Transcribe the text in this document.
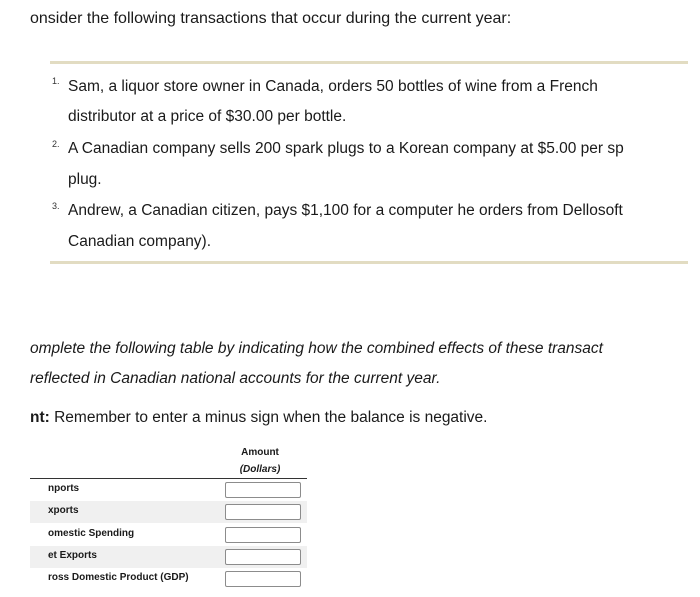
onsider the following transactions that occur during the current year:
1. Sam, a liquor store owner in Canada, orders 50 bottles of wine from a French
distributor at a price of $30.00 per bottle.
2. A Canadian company sells 200 spark plugs to a Korean company at $5.00 per sp
plug.
3. Andrew, a Canadian citizen, pays $1,100 for a computer he orders from Dellosoft
Canadian company).
omplete the following table by indicating how the combined effects of these transact
reflected in Canadian national accounts for the current year.
nt: Remember to enter a minus sign when the balance is negative.
Amount
(Dollars)
nports
xports
omestic Spending
et Exports
ross Domestic Product (GDP)
